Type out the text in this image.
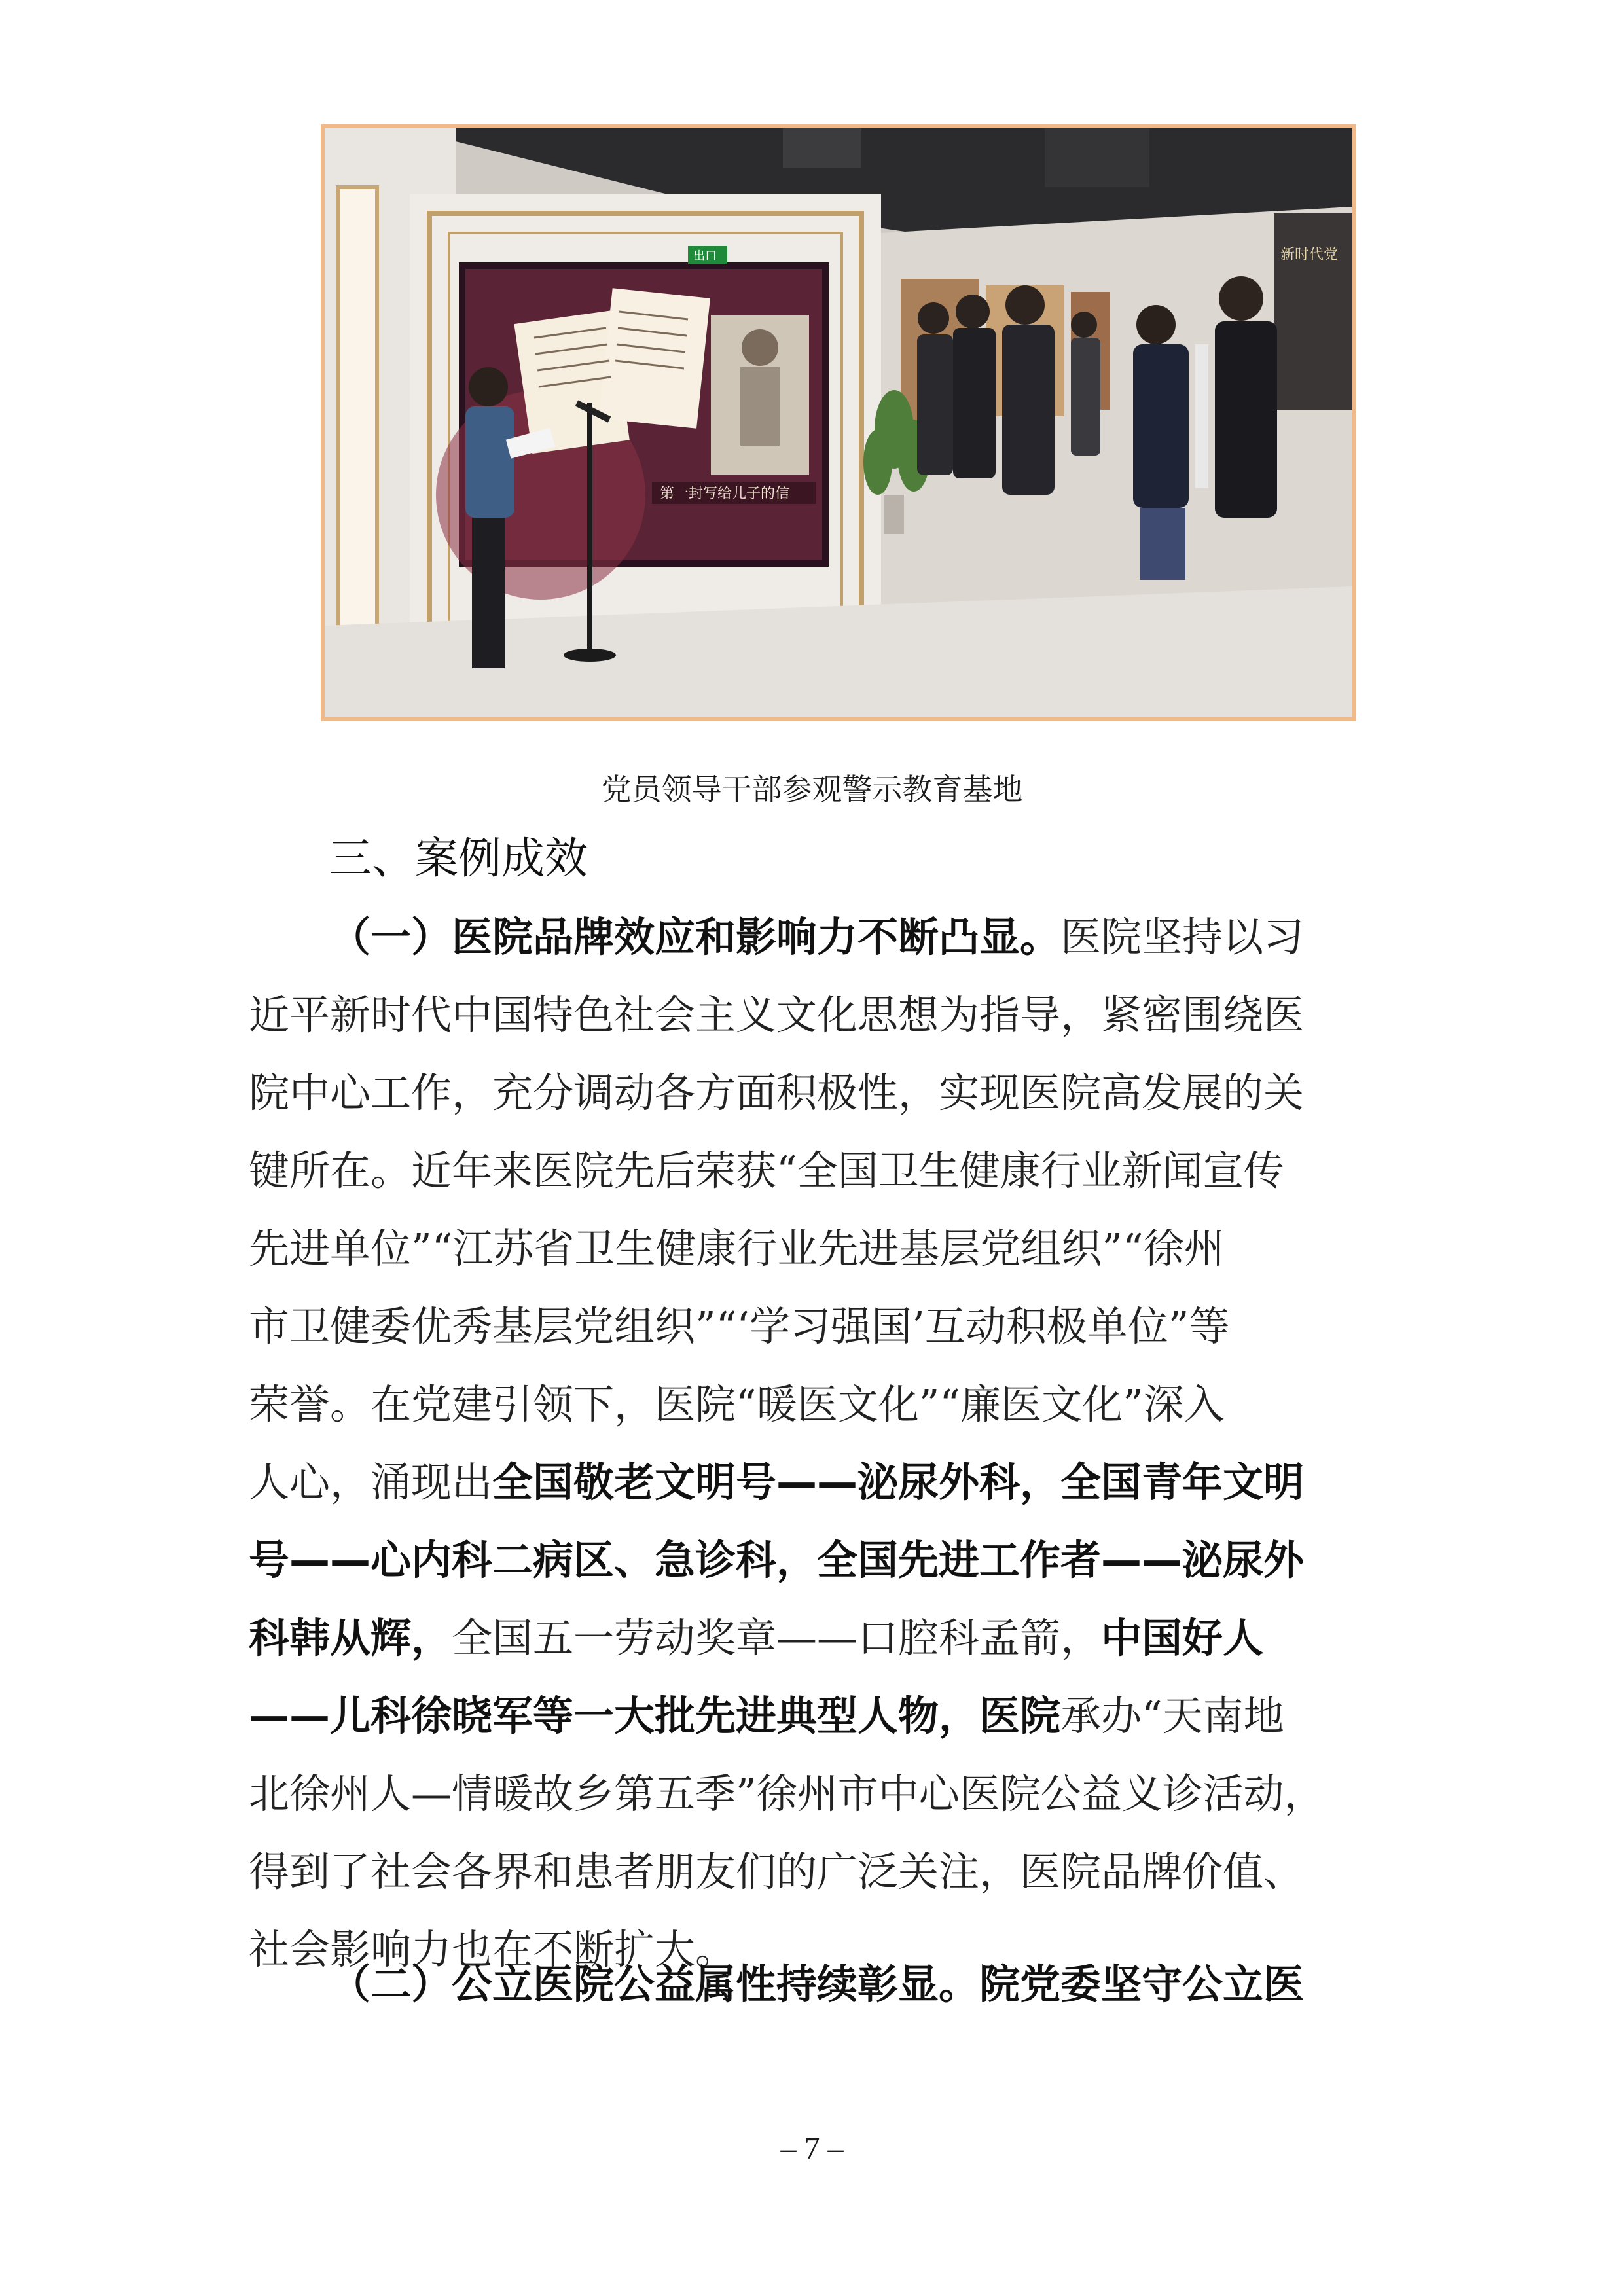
第一封写给儿子的信
出口	新时代党
党员领导干部参观警示教育基地
三、案例成效
（一）医院品牌效应和影响力不断凸显。医院坚持以习
近平新时代中国特色社会主义文化思想为指导，紧密围绕医
院中心工作，充分调动各方面积极性，实现医院高发展的关
键所在。近年来医院先后荣获“全国卫生健康行业新闻宣传
先进单位”“江苏省卫生健康行业先进基层党组织”“徐州
市卫健委优秀基层党组织”“‘学习强国’互动积极单位”等
荣誉。在党建引领下，医院“暖医文化”“廉医文化”深入
人心，涌现出全国敬老文明号——泌尿外科，全国青年文明
号——心内科二病区、急诊科，全国先进工作者——泌尿外
科韩从辉，全国五一劳动奖章——口腔科孟箭，中国好人
——儿科徐晓军等一大批先进典型人物，医院承办“天南地
北徐州人—情暖故乡第五季”徐州市中心医院公益义诊活动，
得到了社会各界和患者朋友们的广泛关注，医院品牌价值、
社会影响力也在不断扩大。
（二）公立医院公益属性持续彰显。院党委坚守公立医
– 7 –
